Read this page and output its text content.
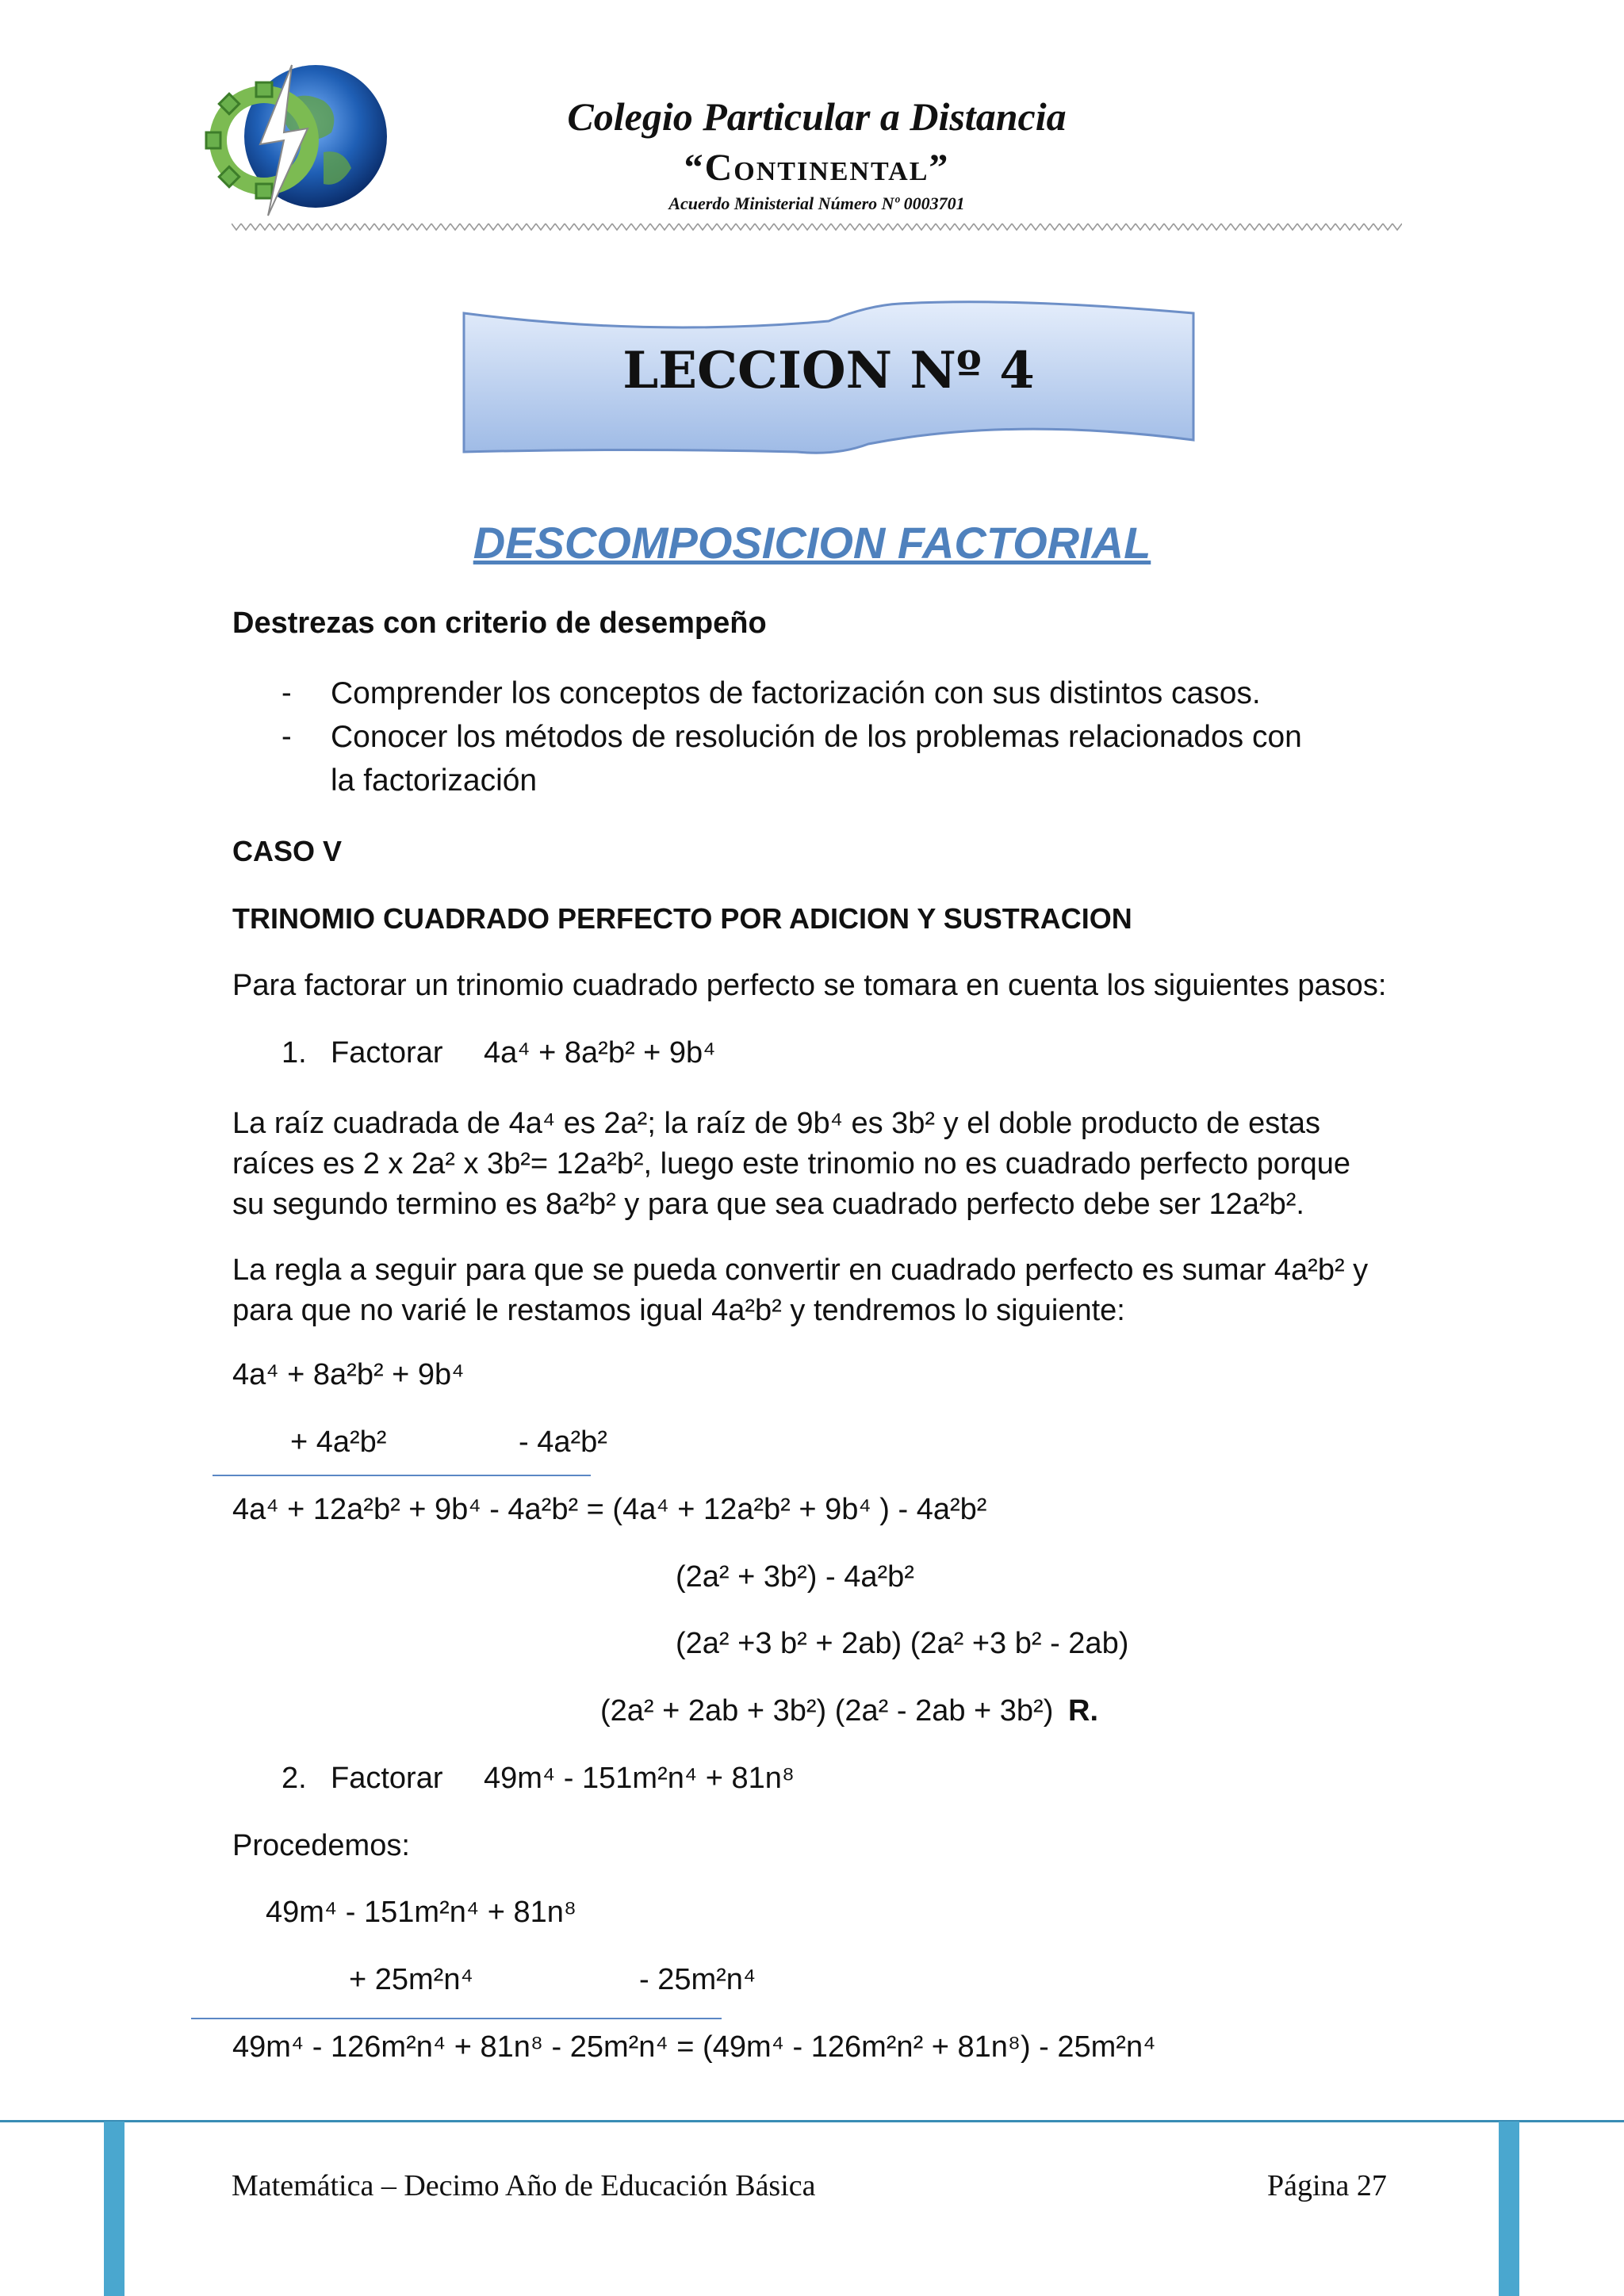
Colegio Particular a Distancia
“Continental”
Acuerdo Ministerial Número Nº 0003701
LECCION Nº 4
DESCOMPOSICION FACTORIAL
Destrezas con criterio de desempeño
- Comprender los conceptos de factorización con sus distintos casos.
- Conocer los métodos de resolución de los problemas relacionados con
la factorización
CASO V
TRINOMIO CUADRADO PERFECTO POR ADICION Y SUSTRACION
Para factorar un trinomio cuadrado perfecto se tomara en cuenta los siguientes pasos:
1. Factorar 4a⁴ + 8a²b² + 9b⁴
La raíz cuadrada de 4a⁴ es 2a²; la raíz de 9b⁴ es 3b² y el doble producto de estas
raíces es 2 x 2a² x 3b²= 12a²b², luego este trinomio no es cuadrado perfecto porque
su segundo termino es 8a²b² y para que sea cuadrado perfecto debe ser 12a²b².
La regla a seguir para que se pueda convertir en cuadrado perfecto es sumar 4a²b² y
para que no varié le restamos igual 4a²b² y tendremos lo siguiente:
4a⁴ + 8a²b² + 9b⁴
+ 4a²b²	- 4a²b²
4a⁴ + 12a²b² + 9b⁴ - 4a²b² = (4a⁴ + 12a²b² + 9b⁴ ) - 4a²b²
(2a² + 3b²) - 4a²b²
(2a² +3 b² + 2ab) (2a² +3 b² - 2ab)
(2a² + 2ab + 3b²) (2a² - 2ab + 3b²) R.
2. Factorar 49m⁴ - 151m²n⁴ + 81n⁸
Procedemos:
49m⁴ - 151m²n⁴ + 81n⁸
+ 25m²n⁴	- 25m²n⁴
49m⁴ - 126m²n⁴ + 81n⁸ - 25m²n⁴ = (49m⁴ - 126m²n² + 81n⁸) - 25m²n⁴
Matemática – Decimo Año de Educación Básica	Página 27
